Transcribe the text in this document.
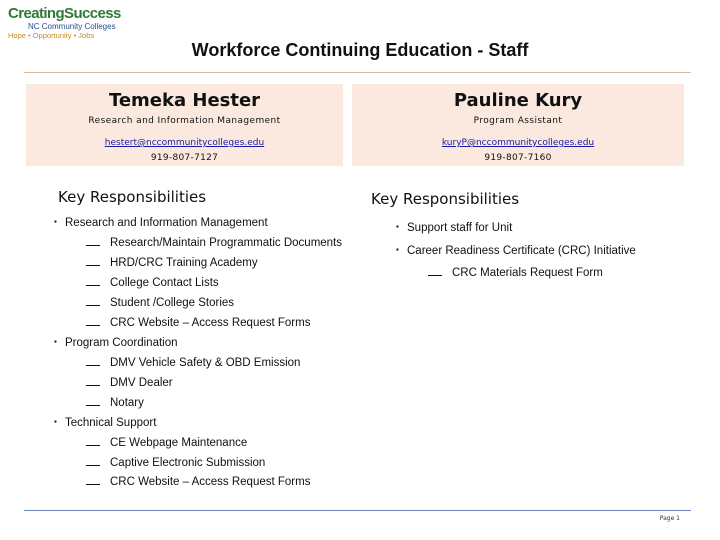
CreatingSuccess
NC Community Colleges
Hope • Opportunity • Jobs
Workforce Continuing Education - Staff
Temeka Hester
Research and Information Management
hestert@nccommunitycolleges.edu
919-807-7127
Pauline Kury
Program Assistant
kuryP@nccommunitycolleges.edu
919-807-7160
Key Responsibilities	Key Responsibilities
▪ Research and Information Management
Research/Maintain Programmatic Documents
HRD/CRC Training Academy
College Contact Lists
Student /College Stories
CRC Website – Access Request Forms
▪ Program Coordination
DMV Vehicle Safety & OBD Emission
DMV Dealer
Notary
▪ Technical Support
CE Webpage Maintenance
Captive Electronic Submission
CRC Website – Access Request Forms
▪ Support staff for Unit
▪ Career Readiness Certificate (CRC) Initiative
CRC Materials Request Form
Page 1
